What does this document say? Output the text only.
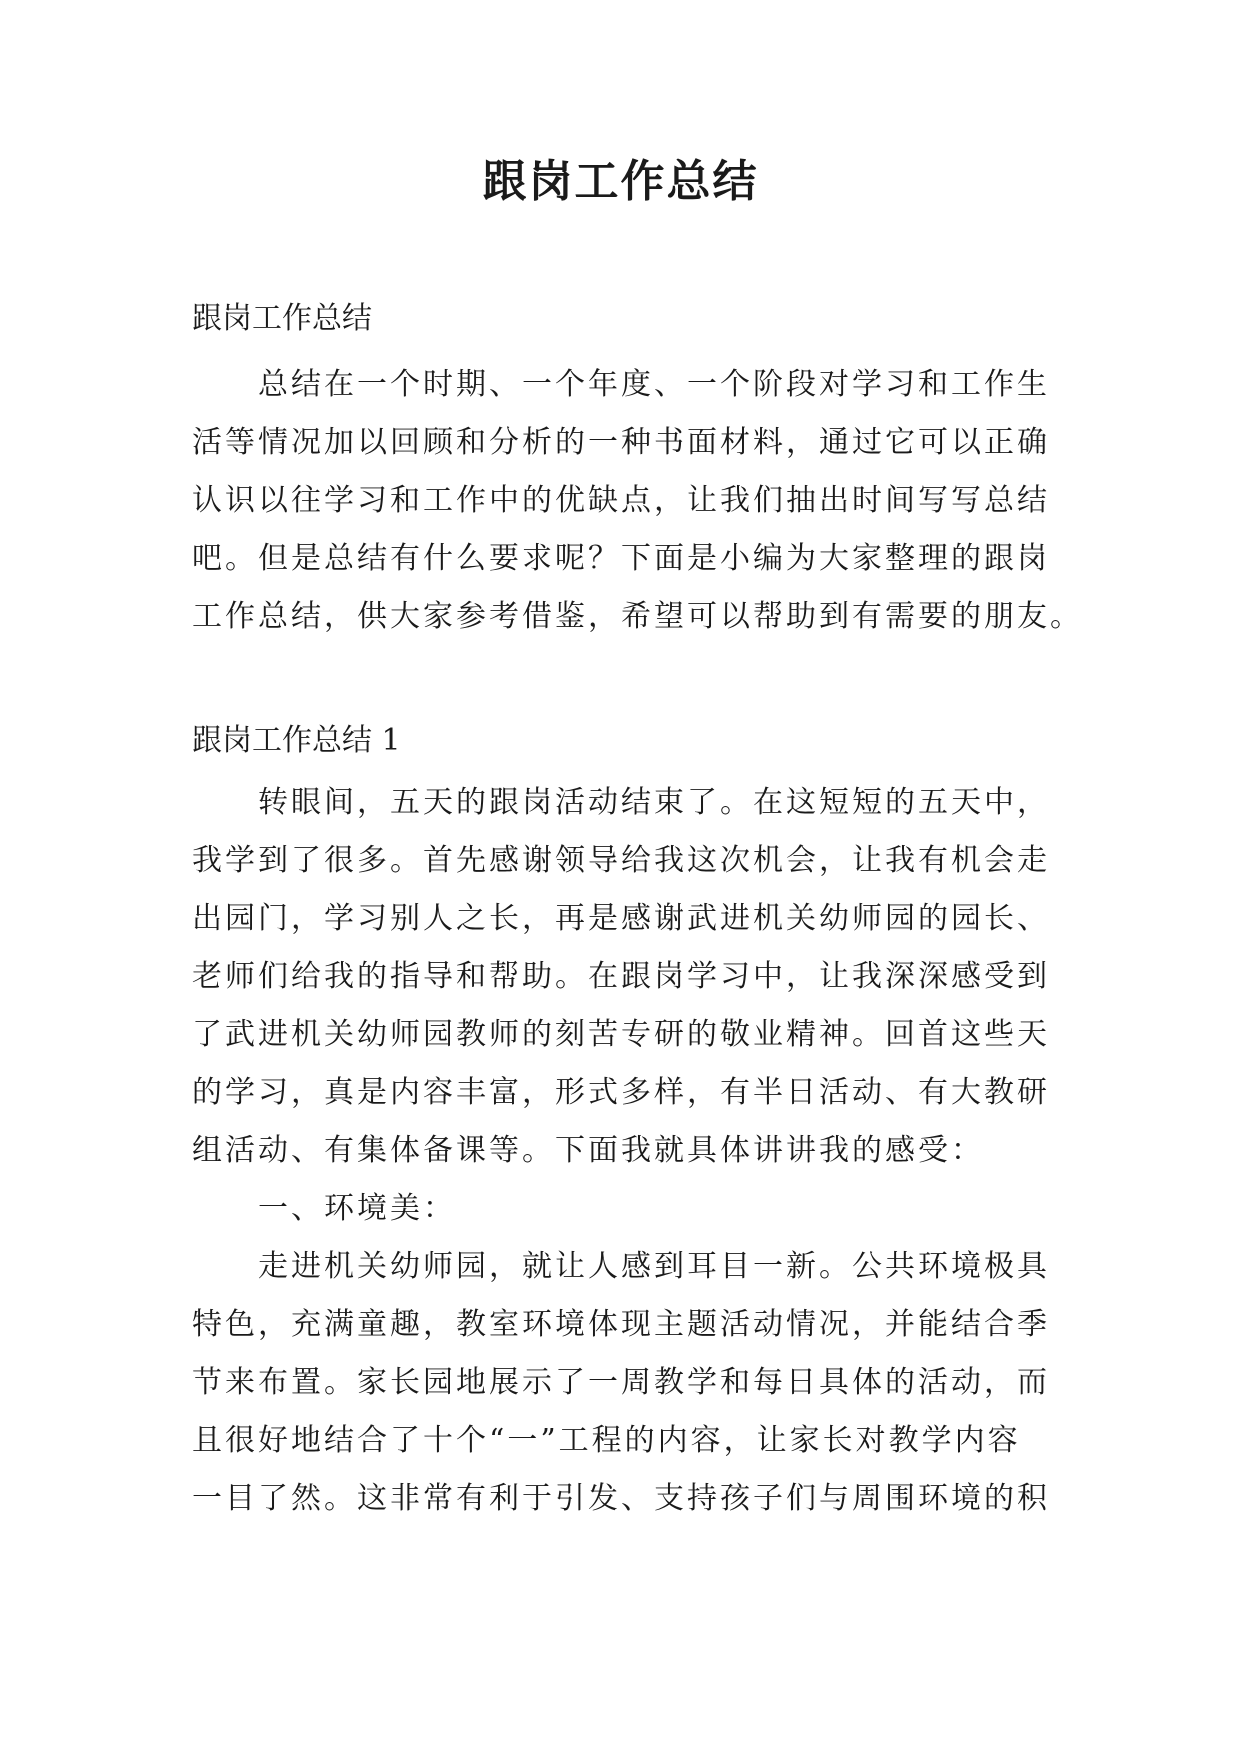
跟岗工作总结
跟岗工作总结
总结在一个时期、一个年度、一个阶段对学习和工作生
活等情况加以回顾和分析的一种书面材料，通过它可以正确
认识以往学习和工作中的优缺点，让我们抽出时间写写总结
吧。但是总结有什么要求呢？下面是小编为大家整理的跟岗
工作总结，供大家参考借鉴，希望可以帮助到有需要的朋友。
跟岗工作总结 1
转眼间，五天的跟岗活动结束了。在这短短的五天中，
我学到了很多。首先感谢领导给我这次机会，让我有机会走
出园门，学习别人之长，再是感谢武进机关幼师园的园长、
老师们给我的指导和帮助。在跟岗学习中，让我深深感受到
了武进机关幼师园教师的刻苦专研的敬业精神。回首这些天
的学习，真是内容丰富，形式多样，有半日活动、有大教研
组活动、有集体备课等。下面我就具体讲讲我的感受：
一、环境美：
走进机关幼师园，就让人感到耳目一新。公共环境极具
特色，充满童趣，教室环境体现主题活动情况，并能结合季
节来布置。家长园地展示了一周教学和每日具体的活动，而
且很好地结合了十个“一”工程的内容，让家长对教学内容
一目了然。这非常有利于引发、支持孩子们与周围环境的积
